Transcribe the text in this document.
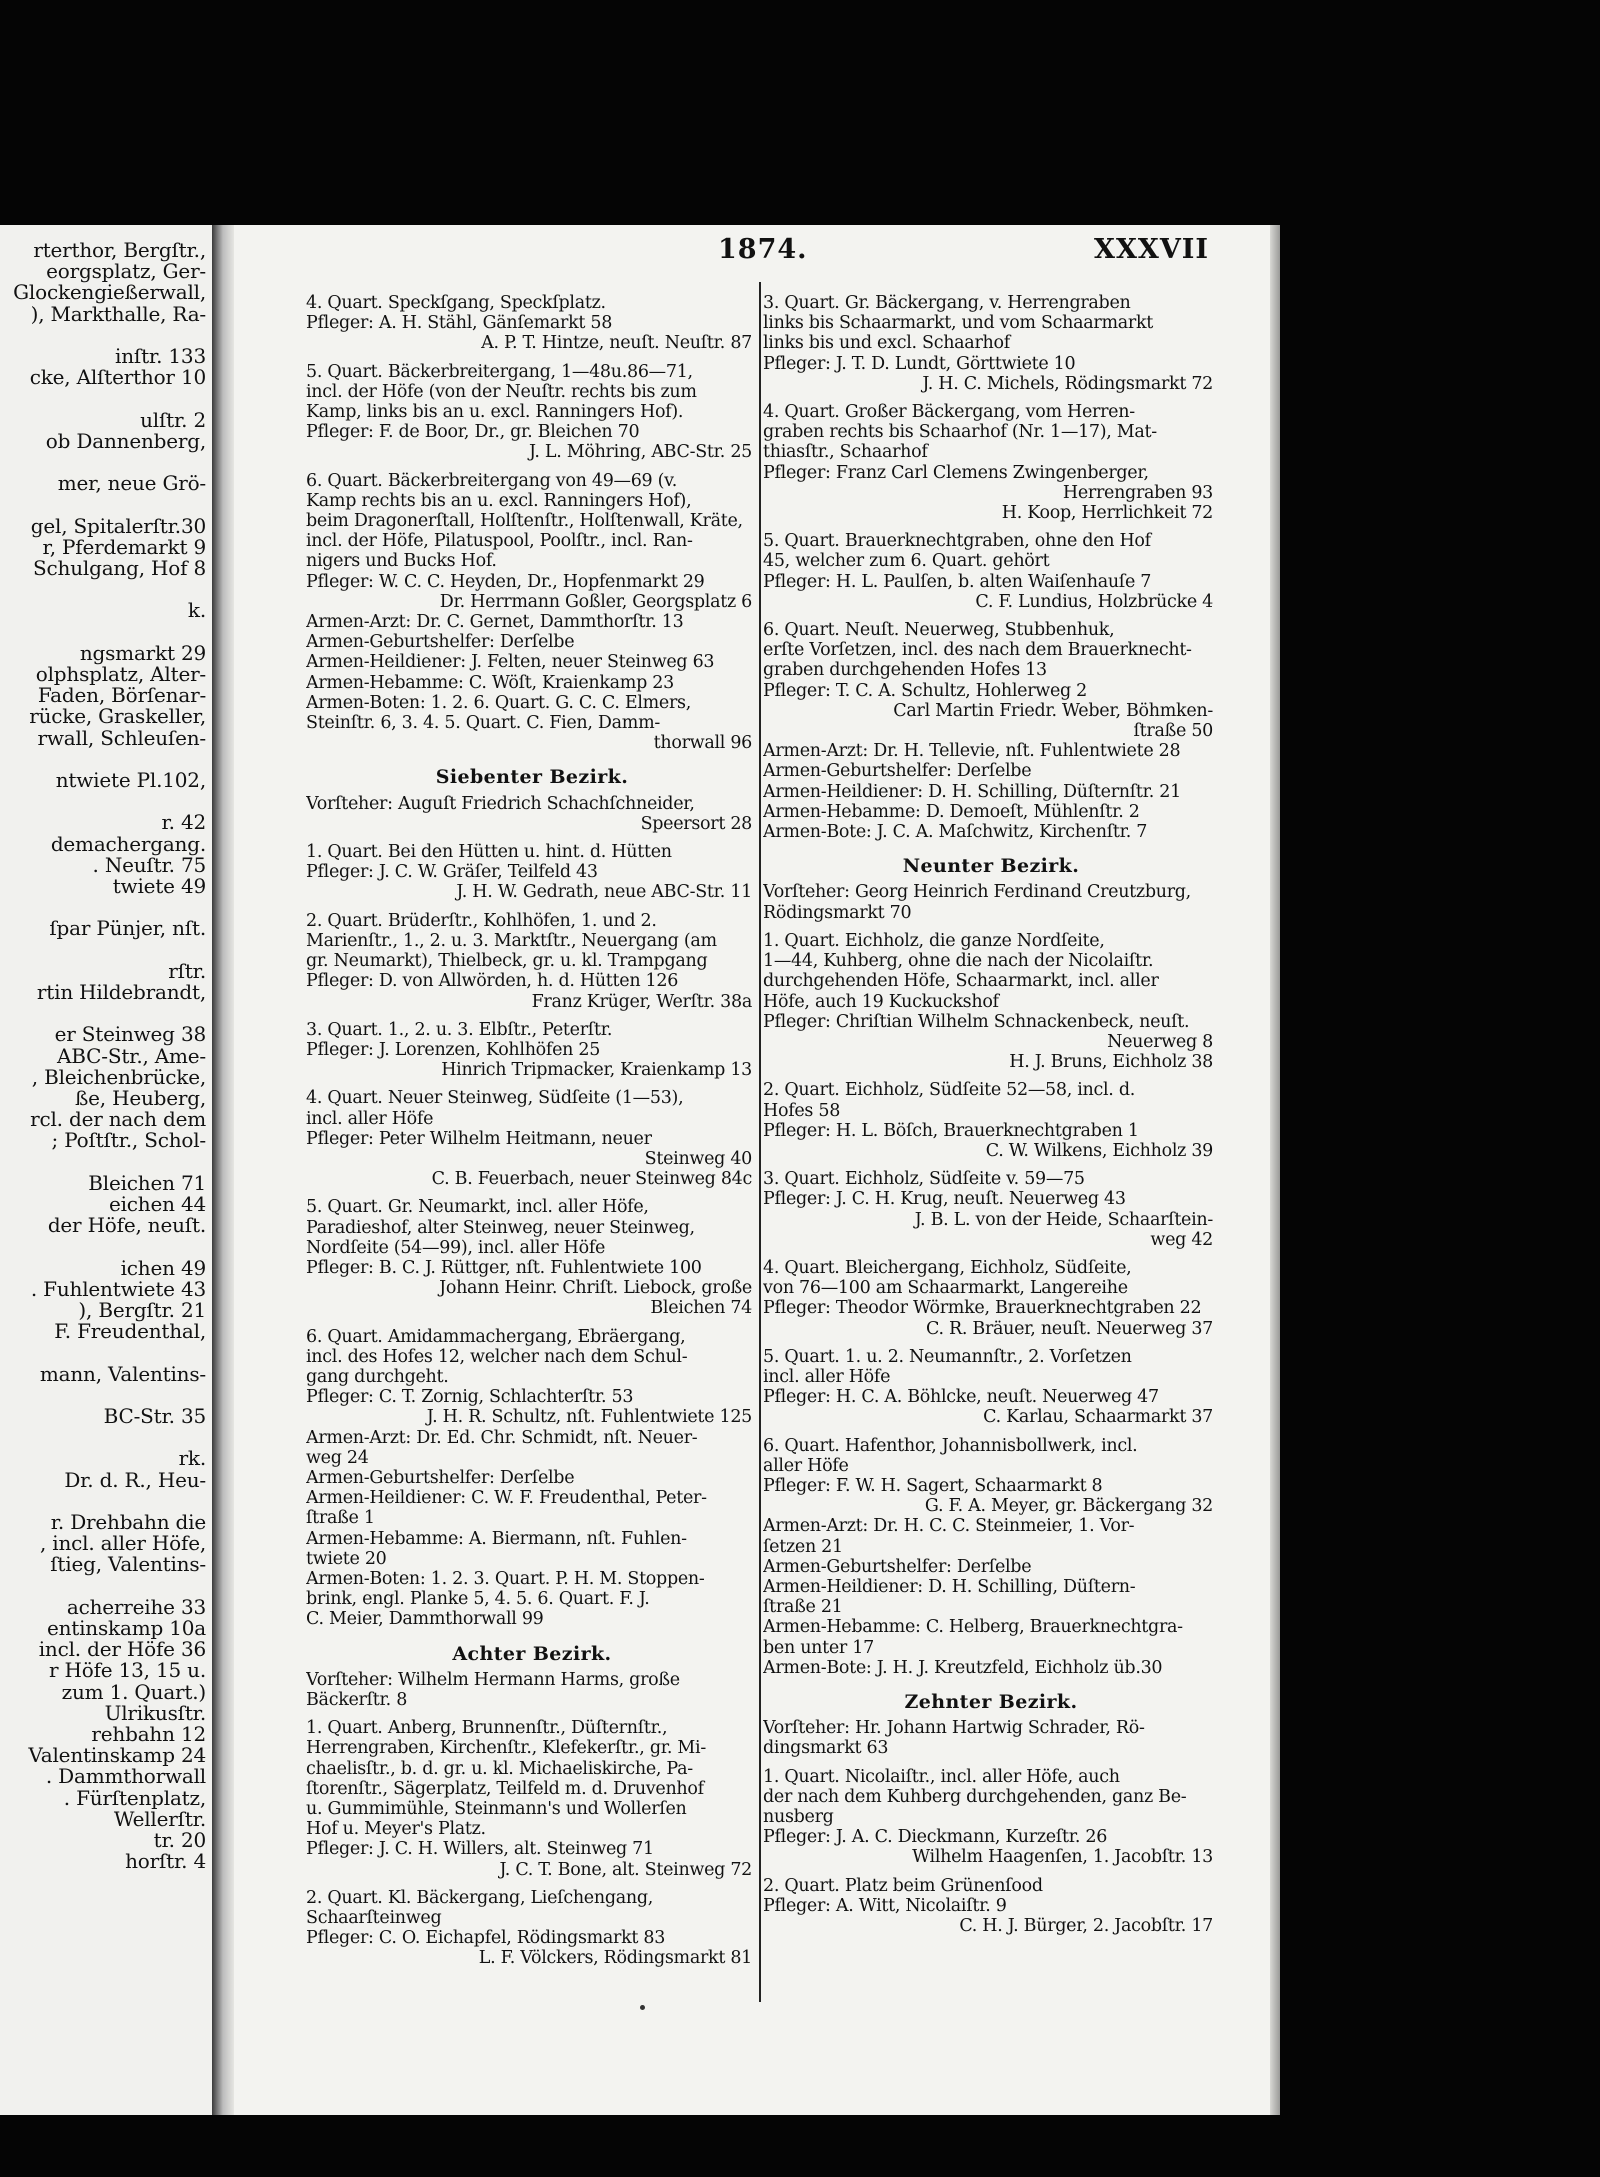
rterthor, Bergſtr.,
eorgsplatz, Ger-
Glockengießerwall,
), Markthalle, Ra-
inſtr. 133
cke, Alſterthor 10
ulſtr. 2
ob Dannenberg,
mer, neue Grö-
gel, Spitalerſtr.30
r, Pferdemarkt 9
Schulgang, Hof 8
k.
ngsmarkt 29
olphsplatz, Alter-
Faden, Börſenar-
rücke, Graskeller,
rwall, Schleuſen-
ntwiete Pl.102,
r. 42
demachergang.
. Neuſtr. 75
twiete 49
ſpar Pünjer, nſt.
rſtr.
rtin Hildebrandt,
er Steinweg 38
ABC-Str., Ame-
, Bleichenbrücke,
ße, Heuberg,
rcl. der nach dem
; Poſtſtr., Schol-
Bleichen 71
eichen 44
der Höfe, neuſt.
ichen 49
. Fuhlentwiete 43
), Bergſtr. 21
F. Freudenthal,
mann, Valentins-
BC-Str. 35
rk.
Dr. d. R., Heu-
r. Drehbahn die
, incl. aller Höfe,
ſtieg, Valentins-
acherreihe 33
entinskamp 10a
incl. der Höfe 36
r Höfe 13, 15 u.
zum 1. Quart.)
Ulrikusſtr.
rehbahn 12
Valentinskamp 24
. Dammthorwall
. Fürſtenplatz,
Wellerſtr.
tr. 20
horſtr. 4
1874.	XXXVII
4. Quart. Speckſgang, Speckſplatz.
Pfleger: A. H. Stähl, Gänſemarkt 58
A. P. T. Hintze, neuſt. Neuſtr. 87
5. Quart. Bäckerbreitergang, 1—48u.86—71,
incl. der Höfe (von der Neuſtr. rechts bis zum
Kamp, links bis an u. excl. Ranningers Hof).
Pfleger: F. de Boor, Dr., gr. Bleichen 70
J. L. Möhring, ABC-Str. 25
6. Quart. Bäckerbreitergang von 49—69 (v.
Kamp rechts bis an u. excl. Ranningers Hof),
beim Dragonerſtall, Holſtenſtr., Holſtenwall, Kräte,
incl. der Höfe, Pilatuspool, Poolſtr., incl. Ran-
nigers und Bucks Hof.
Pfleger: W. C. C. Heyden, Dr., Hopfenmarkt 29
Dr. Herrmann Goßler, Georgsplatz 6
Armen-Arzt: Dr. C. Gernet, Dammthorſtr. 13
Armen-Geburtshelfer: Derſelbe
Armen-Heildiener: J. Felten, neuer Steinweg 63
Armen-Hebamme: C. Wöſt, Kraienkamp 23
Armen-Boten: 1. 2. 6. Quart. G. C. C. Elmers,
Steinſtr. 6, 3. 4. 5. Quart. C. Fien, Damm-
thorwall 96
Siebenter Bezirk.
Vorſteher: Auguſt Friedrich Schachſchneider,
Speersort 28
1. Quart. Bei den Hütten u. hint. d. Hütten
Pfleger: J. C. W. Gräſer, Teilfeld 43
J. H. W. Gedrath, neue ABC-Str. 11
2. Quart. Brüderſtr., Kohlhöfen, 1. und 2.
Marienſtr., 1., 2. u. 3. Marktſtr., Neuergang (am
gr. Neumarkt), Thielbeck, gr. u. kl. Trampgang
Pfleger: D. von Allwörden, h. d. Hütten 126
Franz Krüger, Werſtr. 38a
3. Quart. 1., 2. u. 3. Elbſtr., Peterſtr.
Pfleger: J. Lorenzen, Kohlhöfen 25
Hinrich Tripmacker, Kraienkamp 13
4. Quart. Neuer Steinweg, Südſeite (1—53),
incl. aller Höfe
Pfleger: Peter Wilhelm Heitmann, neuer
Steinweg 40
C. B. Feuerbach, neuer Steinweg 84c
5. Quart. Gr. Neumarkt, incl. aller Höfe,
Paradieshof, alter Steinweg, neuer Steinweg,
Nordſeite (54—99), incl. aller Höfe
Pfleger: B. C. J. Rüttger, nſt. Fuhlentwiete 100
Johann Heinr. Chriſt. Liebock, große
Bleichen 74
6. Quart. Amidammachergang, Ebräergang,
incl. des Hofes 12, welcher nach dem Schul-
gang durchgeht.
Pfleger: C. T. Zornig, Schlachterſtr. 53
J. H. R. Schultz, nſt. Fuhlentwiete 125
Armen-Arzt: Dr. Ed. Chr. Schmidt, nſt. Neuer-
weg 24
Armen-Geburtshelfer: Derſelbe
Armen-Heildiener: C. W. F. Freudenthal, Peter-
ſtraße 1
Armen-Hebamme: A. Biermann, nſt. Fuhlen-
twiete 20
Armen-Boten: 1. 2. 3. Quart. P. H. M. Stoppen-
brink, engl. Planke 5, 4. 5. 6. Quart. F. J.
C. Meier, Dammthorwall 99
Achter Bezirk.
Vorſteher: Wilhelm Hermann Harms, große
Bäckerſtr. 8
1. Quart. Anberg, Brunnenſtr., Düſternſtr.,
Herrengraben, Kirchenſtr., Klefekerſtr., gr. Mi-
chaelisſtr., b. d. gr. u. kl. Michaeliskirche, Pa-
ſtorenſtr., Sägerplatz, Teilfeld m. d. Druvenhof
u. Gummimühle, Steinmann's und Wollerſen
Hof u. Meyer's Platz.
Pfleger: J. C. H. Willers, alt. Steinweg 71
J. C. T. Bone, alt. Steinweg 72
2. Quart. Kl. Bäckergang, Lieſchengang,
Schaarſteinweg
Pfleger: C. O. Eichapfel, Rödingsmarkt 83
L. F. Völckers, Rödingsmarkt 81
3. Quart. Gr. Bäckergang, v. Herrengraben
links bis Schaarmarkt, und vom Schaarmarkt
links bis und excl. Schaarhof
Pfleger: J. T. D. Lundt, Görttwiete 10
J. H. C. Michels, Rödingsmarkt 72
4. Quart. Großer Bäckergang, vom Herren-
graben rechts bis Schaarhof (Nr. 1—17), Mat-
thiasſtr., Schaarhof
Pfleger: Franz Carl Clemens Zwingenberger,
Herrengraben 93
H. Koop, Herrlichkeit 72
5. Quart. Brauerknechtgraben, ohne den Hof
45, welcher zum 6. Quart. gehört
Pfleger: H. L. Paulſen, b. alten Waiſenhauſe 7
C. F. Lundius, Holzbrücke 4
6. Quart. Neuſt. Neuerweg, Stubbenhuk,
erſte Vorſetzen, incl. des nach dem Brauerknecht-
graben durchgehenden Hofes 13
Pfleger: T. C. A. Schultz, Hohlerweg 2
Carl Martin Friedr. Weber, Böhmken-
ſtraße 50
Armen-Arzt: Dr. H. Tellevie, nſt. Fuhlentwiete 28
Armen-Geburtshelfer: Derſelbe
Armen-Heildiener: D. H. Schilling, Düſternſtr. 21
Armen-Hebamme: D. Demoeſt, Mühlenſtr. 2
Armen-Bote: J. C. A. Maſchwitz, Kirchenſtr. 7
Neunter Bezirk.
Vorſteher: Georg Heinrich Ferdinand Creutzburg,
Rödingsmarkt 70
1. Quart. Eichholz, die ganze Nordſeite,
1—44, Kuhberg, ohne die nach der Nicolaiſtr.
durchgehenden Höfe, Schaarmarkt, incl. aller
Höfe, auch 19 Kuckuckshof
Pfleger: Chriſtian Wilhelm Schnackenbeck, neuſt.
Neuerweg 8
H. J. Bruns, Eichholz 38
2. Quart. Eichholz, Südſeite 52—58, incl. d.
Hofes 58
Pfleger: H. L. Böſch, Brauerknechtgraben 1
C. W. Wilkens, Eichholz 39
3. Quart. Eichholz, Südſeite v. 59—75
Pfleger: J. C. H. Krug, neuſt. Neuerweg 43
J. B. L. von der Heide, Schaarſtein-
weg 42
4. Quart. Bleichergang, Eichholz, Südſeite,
von 76—100 am Schaarmarkt, Langereihe
Pfleger: Theodor Wörmke, Brauerknechtgraben 22
C. R. Bräuer, neuſt. Neuerweg 37
5. Quart. 1. u. 2. Neumannſtr., 2. Vorſetzen
incl. aller Höfe
Pfleger: H. C. A. Böhlcke, neuſt. Neuerweg 47
C. Karlau, Schaarmarkt 37
6. Quart. Hafenthor, Johannisbollwerk, incl.
aller Höfe
Pfleger: F. W. H. Sagert, Schaarmarkt 8
G. F. A. Meyer, gr. Bäckergang 32
Armen-Arzt: Dr. H. C. C. Steinmeier, 1. Vor-
ſetzen 21
Armen-Geburtshelfer: Derſelbe
Armen-Heildiener: D. H. Schilling, Düſtern-
ſtraße 21
Armen-Hebamme: C. Helberg, Brauerknechtgra-
ben unter 17
Armen-Bote: J. H. J. Kreutzfeld, Eichholz üb.30
Zehnter Bezirk.
Vorſteher: Hr. Johann Hartwig Schrader, Rö-
dingsmarkt 63
1. Quart. Nicolaiſtr., incl. aller Höfe, auch
der nach dem Kuhberg durchgehenden, ganz Be-
nusberg
Pfleger: J. A. C. Dieckmann, Kurzeſtr. 26
Wilhelm Haagenſen, 1. Jacobſtr. 13
2. Quart. Platz beim Grünenſood
Pfleger: A. Witt, Nicolaiſtr. 9
C. H. J. Bürger, 2. Jacobſtr. 17
